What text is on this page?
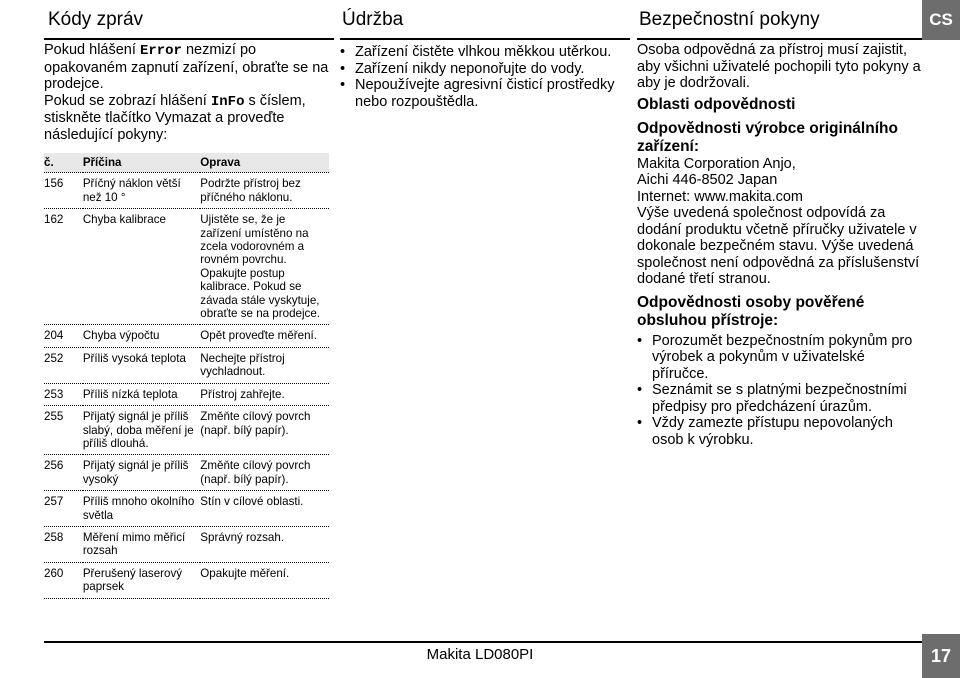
CS
Kódy zpráv

Pokud hlášení Error nezmizí po opakovaném zapnutí zařízení, obraťte se na prodejce.

Pokud se zobrazí hlášení InFo s číslem, stiskněte tlačítko Vymazat a proveďte následující pokyny:

č.	Příčina	Oprava
156	Příčný náklon větší než 10 °	Podržte přístroj bez příčného náklonu.
162	Chyba kalibrace	Ujistěte se, že je zařízení umístěno na zcela vodorovném a rovném povrchu. Opakujte postup kalibrace. Pokud se závada stále vyskytuje, obraťte se na prodejce.
204	Chyba výpočtu	Opět proveďte měření.
252	Příliš vysoká teplota	Nechejte přístroj vychladnout.
253	Příliš nízká teplota	Přístroj zahřejte.
255	Přijatý signál je příliš slabý, doba měření je příliš dlouhá.	Změňte cílový povrch (např. bílý papír).
256	Přijatý signál je příliš vysoký	Změňte cílový povrch (např. bílý papír).
257	Příliš mnoho okolního světla	Stín v cílové oblasti.
258	Měření mimo měřicí rozsah	Správný rozsah.
260	Přerušený laserový paprsek	Opakujte měření.
Údržba
• Zařízení čistěte vlhkou měkkou utěrkou.
• Zařízení nikdy neponořujte do vody.
• Nepoužívejte agresivní čisticí prostředky nebo rozpouštědla.
Bezpečnostní pokyny

Osoba odpovědná za přístroj musí zajistit, aby všichni uživatelé pochopili tyto pokyny a aby je dodržovali.

Oblasti odpovědnosti
Odpovědnosti výrobce originálního zařízení:

Makita Corporation Anjo,

Aichi 446-8502 Japan

Internet: www.makita.com

Výše uvedená společnost odpovídá za dodání produktu včetně příručky uživatele v dokonale bezpečném stavu. Výše uvedená společnost není odpovědná za příslušenství dodané třetí stranou.

Odpovědnosti osoby pověřené obsluhou přístroje:
• Porozumět bezpečnostním pokynům pro výrobek a pokynům v uživatelské příručce.
• Seznámit se s platnými bezpečnostními předpisy pro předcházení úrazům.
• Vždy zamezte přístupu nepovolaných osob k výrobku.
Makita LD080PI	17
